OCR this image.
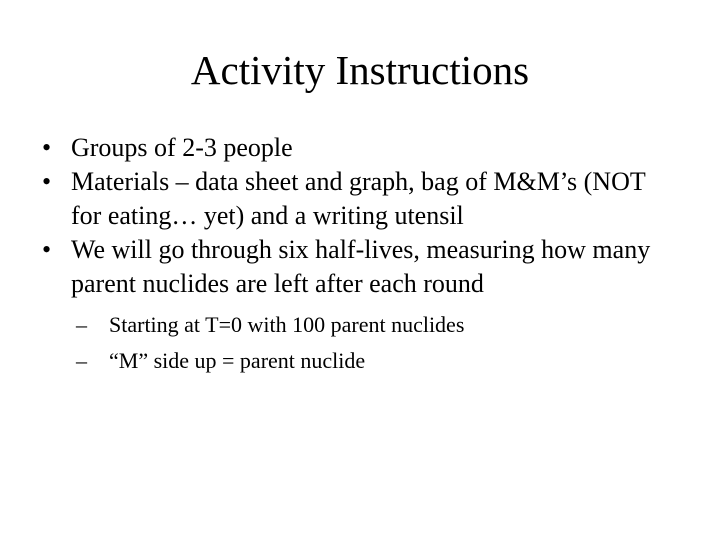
Activity Instructions
• Groups of 2-3 people
• Materials – data sheet and graph, bag of M&M’s (NOT for eating… yet) and a writing utensil
• We will go through six half-lives, measuring how many parent nuclides are left after each round
– Starting at T=0 with 100 parent nuclides
– “M” side up = parent nuclide
